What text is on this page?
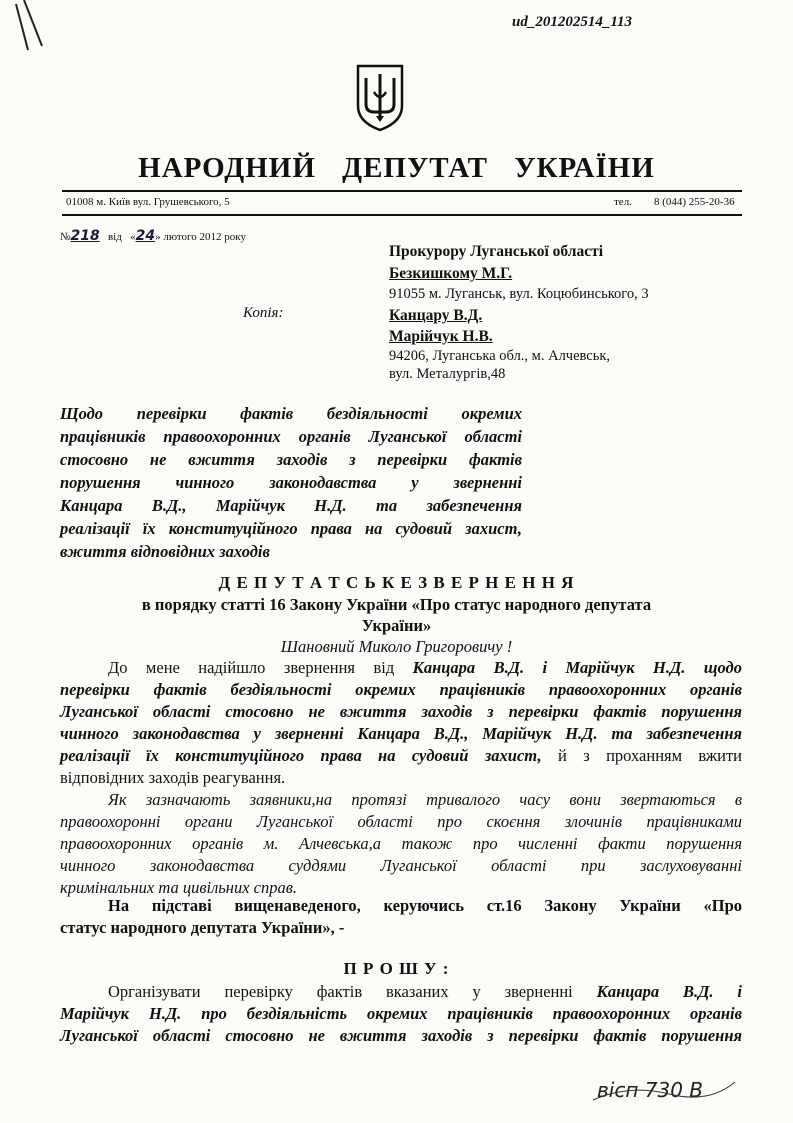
ud_201202514_113
НАРОДНИЙ ДЕПУТАТ УКРАЇНИ
01008 м. Київ вул. Грушевського, 5	тел. 8 (044) 255-20-36
№218 від «24» лютого 2012 року
Прокурору Луганської області
Безкишкому М.Г.
91055 м. Луганськ, вул. Коцюбинського, 3
Копія:	Канцару В.Д.
Марійчук Н.В.
94206, Луганська обл., м. Алчевськ,
вул. Металургів,48
Щодо перевірки фактів бездіяльності окремих
працівників правоохоронних органів Луганської області
стосовно не вжиття заходів з перевірки фактів
порушення чинного законодавства у зверненні
Канцара В.Д., Марійчук Н.Д. та забезпечення
реалізації їх конституційного права на судовий захист,
вжиття відповідних заходів
Д Е П У Т А Т С Ь К Е З В Е Р Н Е Н Н Я
в порядку статті 16 Закону України «Про статус народного депутата
України»
Шановний Миколо Григоровичу !
До мене надійшло звернення від Канцара В.Д. і Марійчук Н.Д. щодо
перевірки фактів бездіяльності окремих працівників правоохоронних органів
Луганської області стосовно не вжиття заходів з перевірки фактів порушення
чинного законодавства у зверненні Канцара В.Д., Марійчук Н.Д. та забезпечення
реалізації їх конституційного права на судовий захист, й з проханням вжити
відповідних заходів реагування.
Як зазначають заявники,на протязі тривалого часу вони звертаються в
правоохоронні органи Луганської області про скоєння злочинів працівниками
правоохоронних органів м. Алчевська,а також про численні факти порушення
чинного законодавства суддями Луганської області при заслуховуванні
кримінальних та цивільних справ.
На підставі вищенаведеного, керуючись ст.16 Закону України «Про
статус народного депутата України», -
П Р О Ш У :
Організувати перевірку фактів вказаних у зверненні Канцара В.Д. і
Марійчук Н.Д. про бездіяльність окремих працівників правоохоронних органів
Луганської області стосовно не вжиття заходів з перевірки фактів порушення
вісп 730 В
